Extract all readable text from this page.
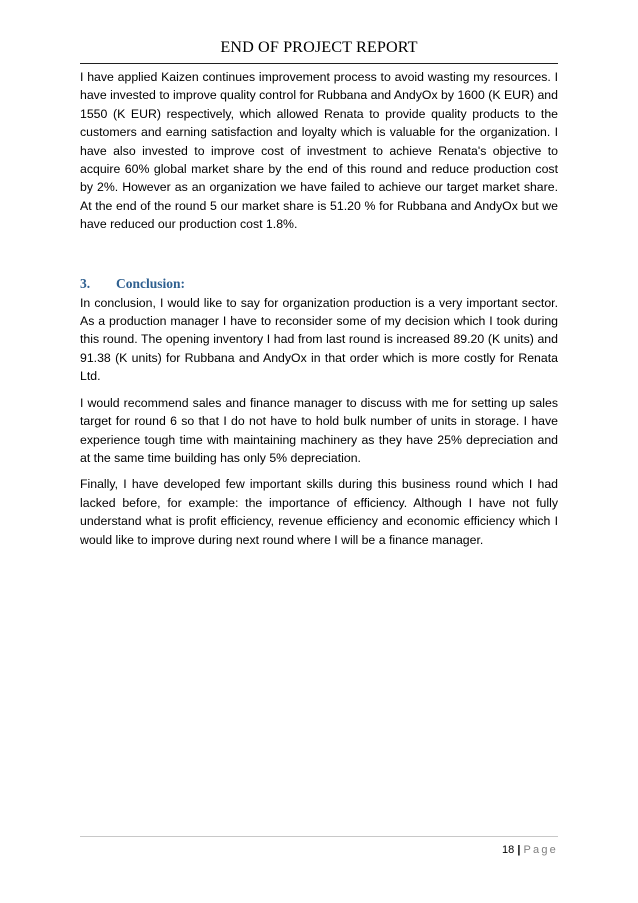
END OF PROJECT REPORT

I have applied Kaizen continues improvement process to avoid wasting my resources. I have invested to improve quality control for Rubbana and AndyOx by 1600 (K EUR) and 1550 (K EUR) respectively, which allowed Renata to provide quality products to the customers and earning satisfaction and loyalty which is valuable for the organization. I have also invested to improve cost of investment to achieve Renata's objective to acquire 60% global market share by the end of this round and reduce production cost by 2%. However as an organization we have failed to achieve our target market share. At the end of the round 5 our market share is 51.20 % for Rubbana and AndyOx but we have reduced our production cost 1.8%.

3. Conclusion:

In conclusion, I would like to say for organization production is a very important sector. As a production manager I have to reconsider some of my decision which I took during this round. The opening inventory I had from last round is increased 89.20 (K units) and 91.38 (K units) for Rubbana and AndyOx in that order which is more costly for Renata Ltd.

I would recommend sales and finance manager to discuss with me for setting up sales target for round 6 so that I do not have to hold bulk number of units in storage. I have experience tough time with maintaining machinery as they have 25% depreciation and at the same time building has only 5% depreciation.

Finally, I have developed few important skills during this business round which I had lacked before, for example: the importance of efficiency. Although I have not fully understand what is profit efficiency, revenue efficiency and economic efficiency which I would like to improve during next round where I will be a finance manager.

18 | Page
